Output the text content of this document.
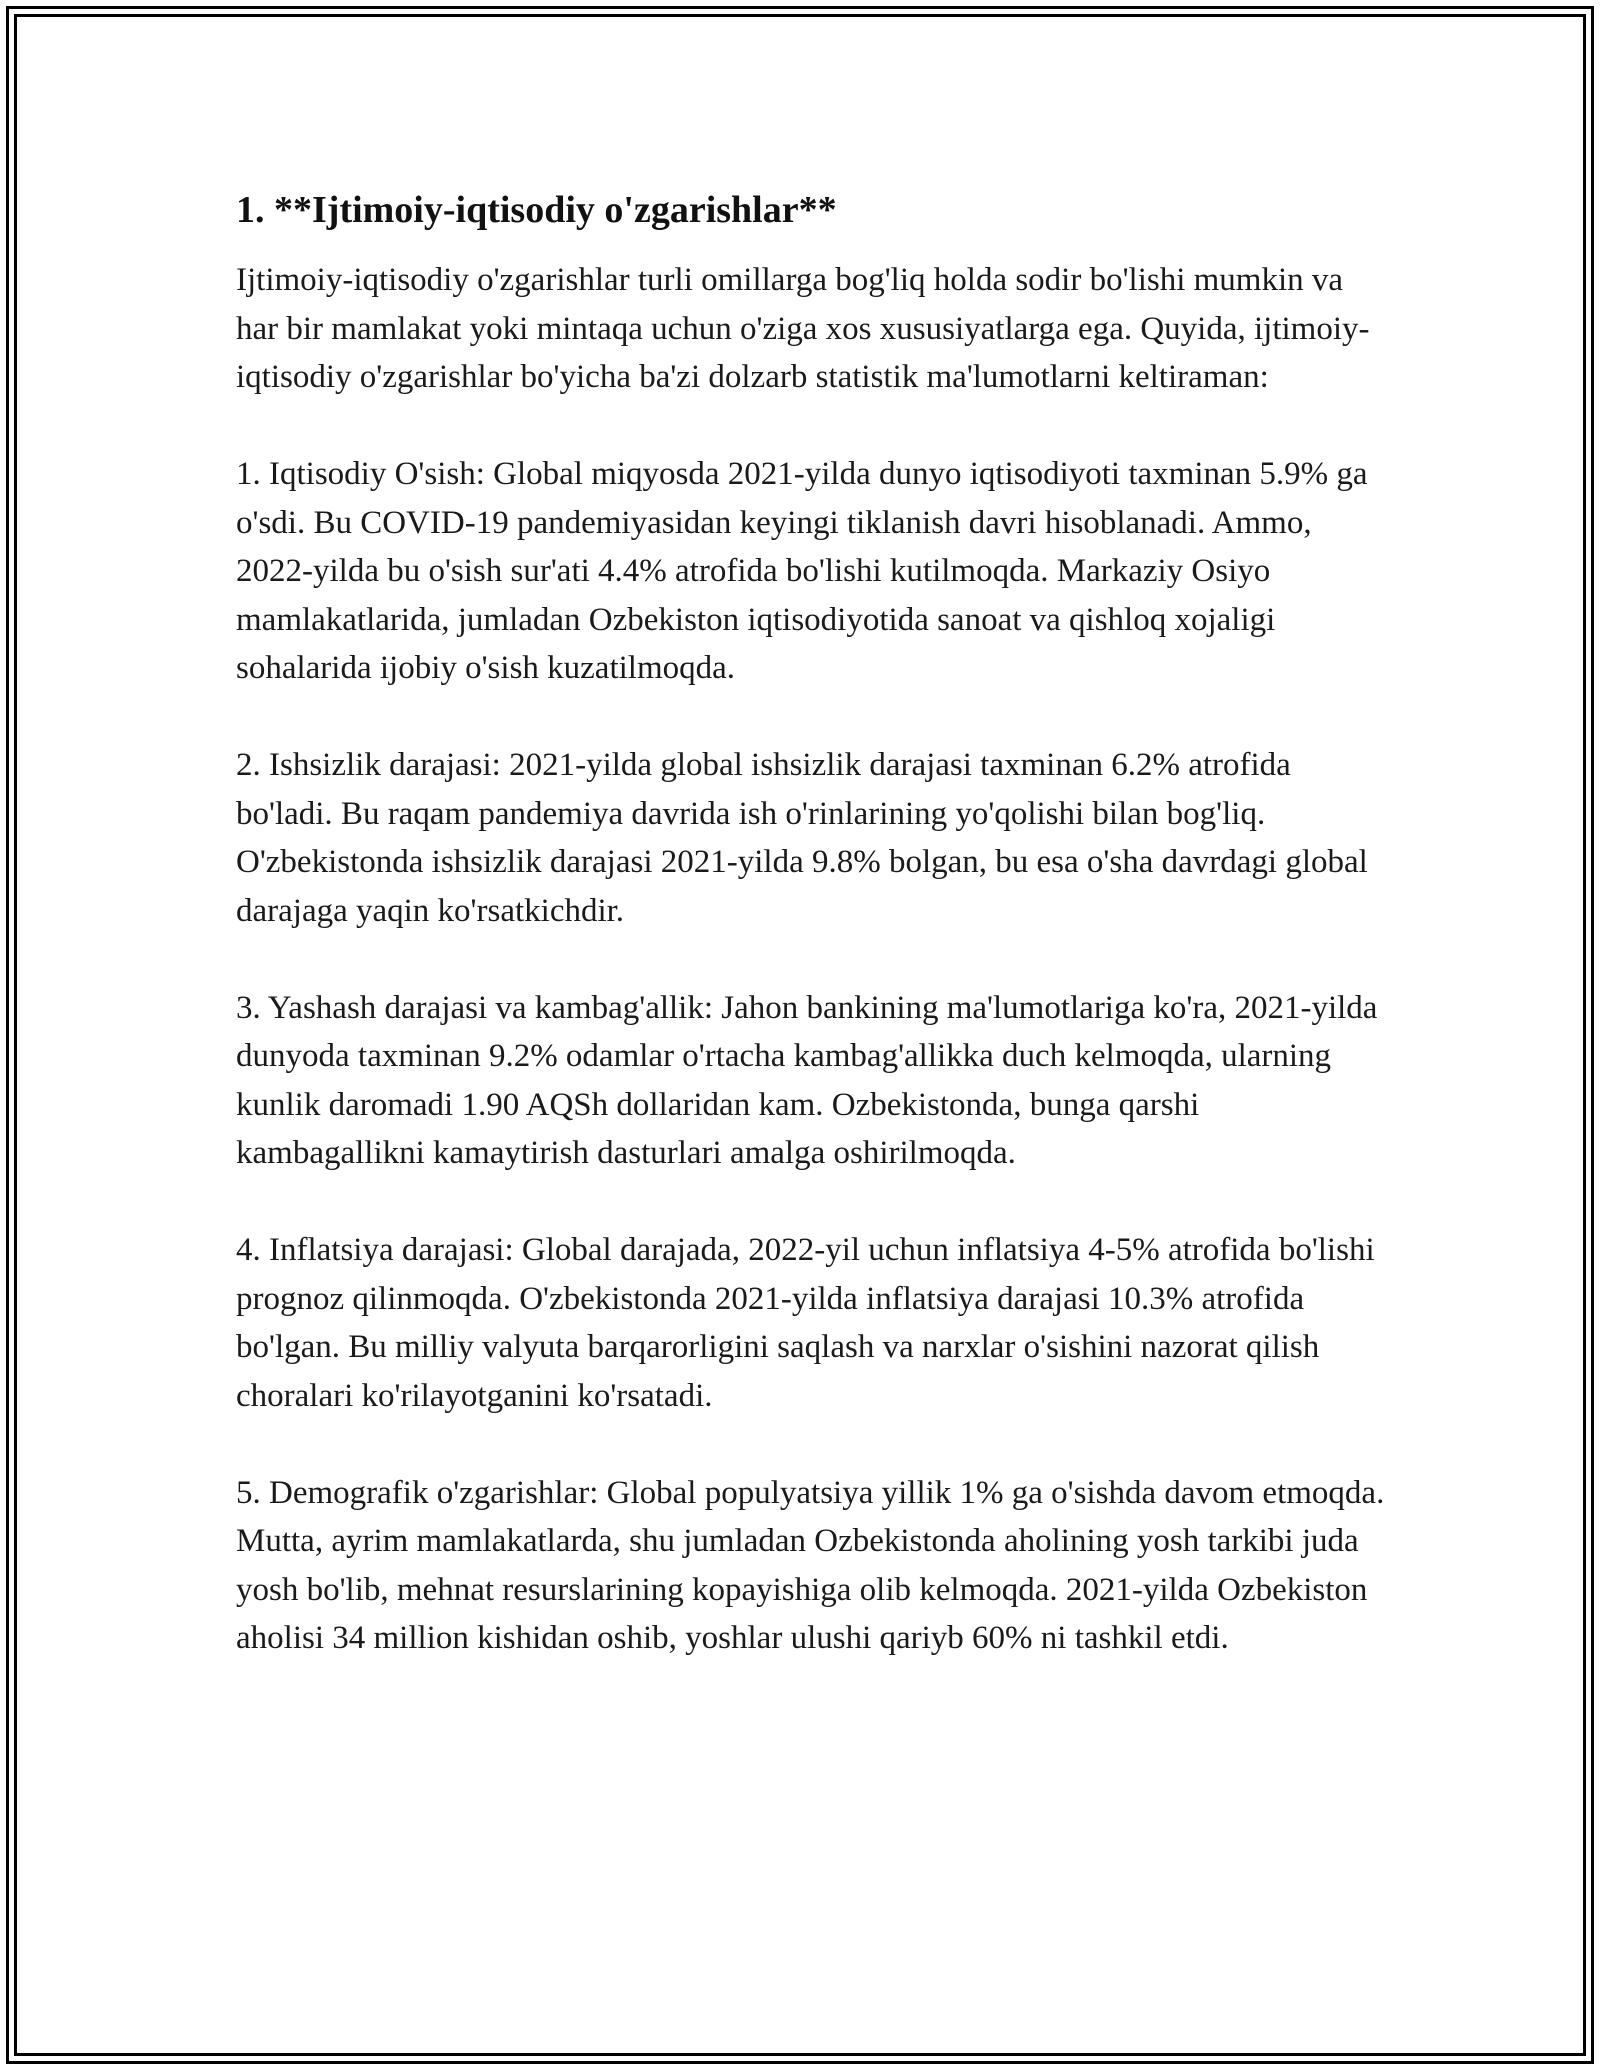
1. **Ijtimoiy-iqtisodiy o'zgarishlar**

Ijtimoiy-iqtisodiy o'zgarishlar turli omillarga bog'liq holda sodir bo'lishi mumkin va har bir mamlakat yoki mintaqa uchun o'ziga xos xususiyatlarga ega. Quyida, ijtimoiy-iqtisodiy o'zgarishlar bo'yicha ba'zi dolzarb statistik ma'lumotlarni keltiraman:

1. Iqtisodiy O'sish: Global miqyosda 2021-yilda dunyo iqtisodiyoti taxminan 5.9% ga o'sdi. Bu COVID-19 pandemiyasidan keyingi tiklanish davri hisoblanadi. Ammo, 2022-yilda bu o'sish sur'ati 4.4% atrofida bo'lishi kutilmoqda. Markaziy Osiyo mamlakatlarida, jumladan Ozbekiston iqtisodiyotida sanoat va qishloq xojaligi sohalarida ijobiy o'sish kuzatilmoqda.

2. Ishsizlik darajasi: 2021-yilda global ishsizlik darajasi taxminan 6.2% atrofida bo'ladi. Bu raqam pandemiya davrida ish o'rinlarining yo'qolishi bilan bog'liq. O'zbekistonda ishsizlik darajasi 2021-yilda 9.8% bolgan, bu esa o'sha davrdagi global darajaga yaqin ko'rsatkichdir.

3. Yashash darajasi va kambag'allik: Jahon bankining ma'lumotlariga ko'ra, 2021-yilda dunyoda taxminan 9.2% odamlar o'rtacha kambag'allikka duch kelmoqda, ularning kunlik daromadi 1.90 AQSh dollaridan kam. Ozbekistonda, bunga qarshi kambagallikni kamaytirish dasturlari amalga oshirilmoqda.

4. Inflatsiya darajasi: Global darajada, 2022-yil uchun inflatsiya 4-5% atrofida bo'lishi prognoz qilinmoqda. O'zbekistonda 2021-yilda inflatsiya darajasi 10.3% atrofida bo'lgan. Bu milliy valyuta barqarorligini saqlash va narxlar o'sishini nazorat qilish choralari ko'rilayotganini ko'rsatadi.

5. Demografik o'zgarishlar: Global populyatsiya yillik 1% ga o'sishda davom etmoqda. Mutta, ayrim mamlakatlarda, shu jumladan Ozbekistonda aholining yosh tarkibi juda yosh bo'lib, mehnat resurslarining kopayishiga olib kelmoqda. 2021-yilda Ozbekiston aholisi 34 million kishidan oshib, yoshlar ulushi qariyb 60% ni tashkil etdi.
